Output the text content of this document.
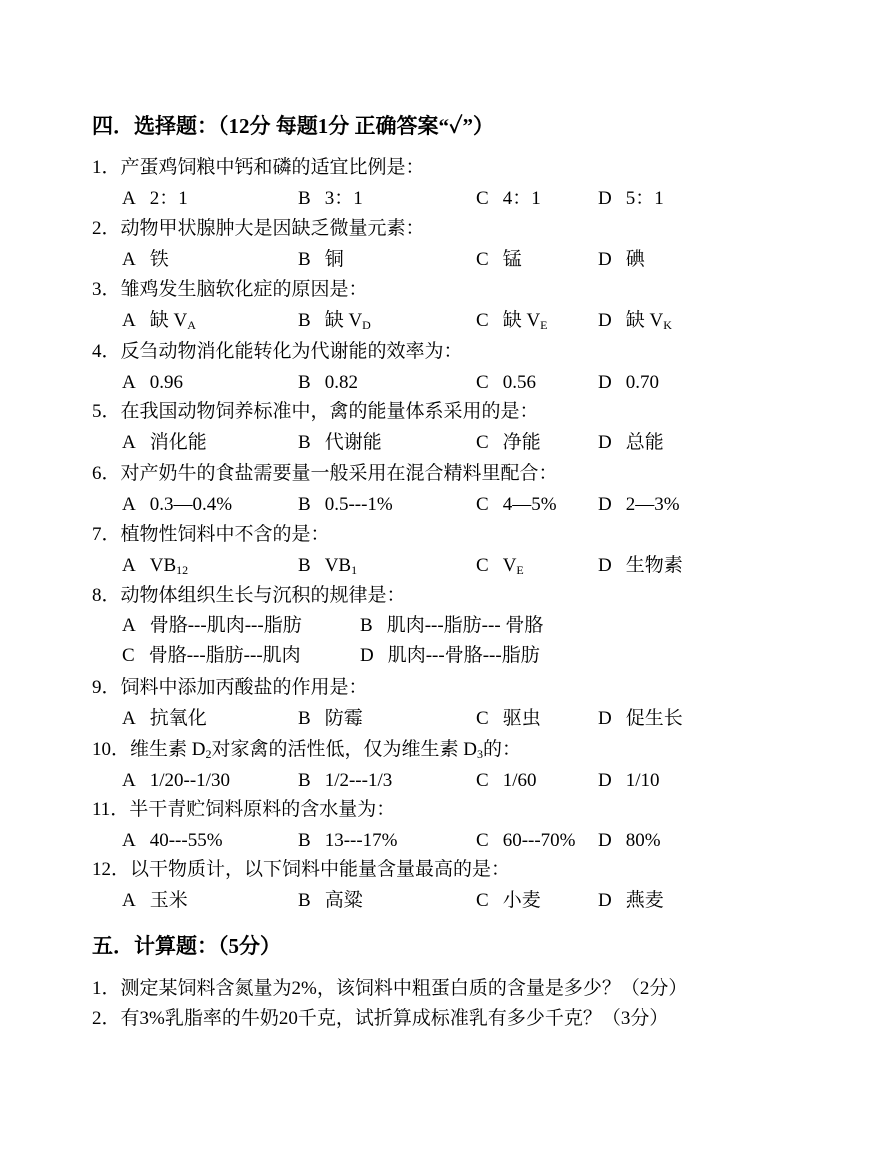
四．选择题：（12分 每题1分 正确答案“✓”）
1．产蛋鸡饲粮中钙和磷的适宜比例是：
A 2：1	B 3：1	C 4：1	D 5：1
2．动物甲状腺肿大是因缺乏微量元素：
A 铁	B 铜	C 锰	D 碘
3．雏鸡发生脑软化症的原因是：
A 缺 $V_A$	B 缺 $V_D$	C 缺 $V_E$	D 缺 $V_K$
4．反刍动物消化能转化为代谢能的效率为：
A 0.96	B 0.82	C 0.56	D 0.70
5．在我国动物饲养标准中，禽的能量体系采用的是：
A 消化能	B 代谢能	C 净能	D 总能
6．对产奶牛的食盐需要量一般采用在混合精料里配合：
A 0.3—0.4%	B 0.5---1%	C 4—5% D 2—3%
7．植物性饲料中不含的是：
A $VB_{12}$	B $VB_1$	C $V_E$	D 生物素
8．动物体组织生长与沉积的规律是：
A 骨胳---肌肉---脂肪	B 肌肉---脂肪--- 骨胳
C 骨胳---脂肪---肌肉	D 肌肉---骨胳---脂肪
9．饲料中添加丙酸盐的作用是：
A 抗氧化	B 防霉	C 驱虫	D 促生长
10．维生素 $D_2$对家禽的活性低，仅为维生素 $D_3$的：
A 1/20--1/30	B 1/2---1/3	C 1/60	D 1/10
11．半干青贮饲料原料的含水量为：
A 40---55%	B 13---17%	C 60---70% D 80%
12．以干物质计，以下饲料中能量含量最高的是：
A 玉米	B 高粱	C 小麦	D 燕麦
五．计算题：（5分）
1．测定某饲料含氮量为2%，该饲料中粗蛋白质的含量是多少？（2分）
2．有3%乳脂率的牛奶20千克，试折算成标准乳有多少千克？（3分）
